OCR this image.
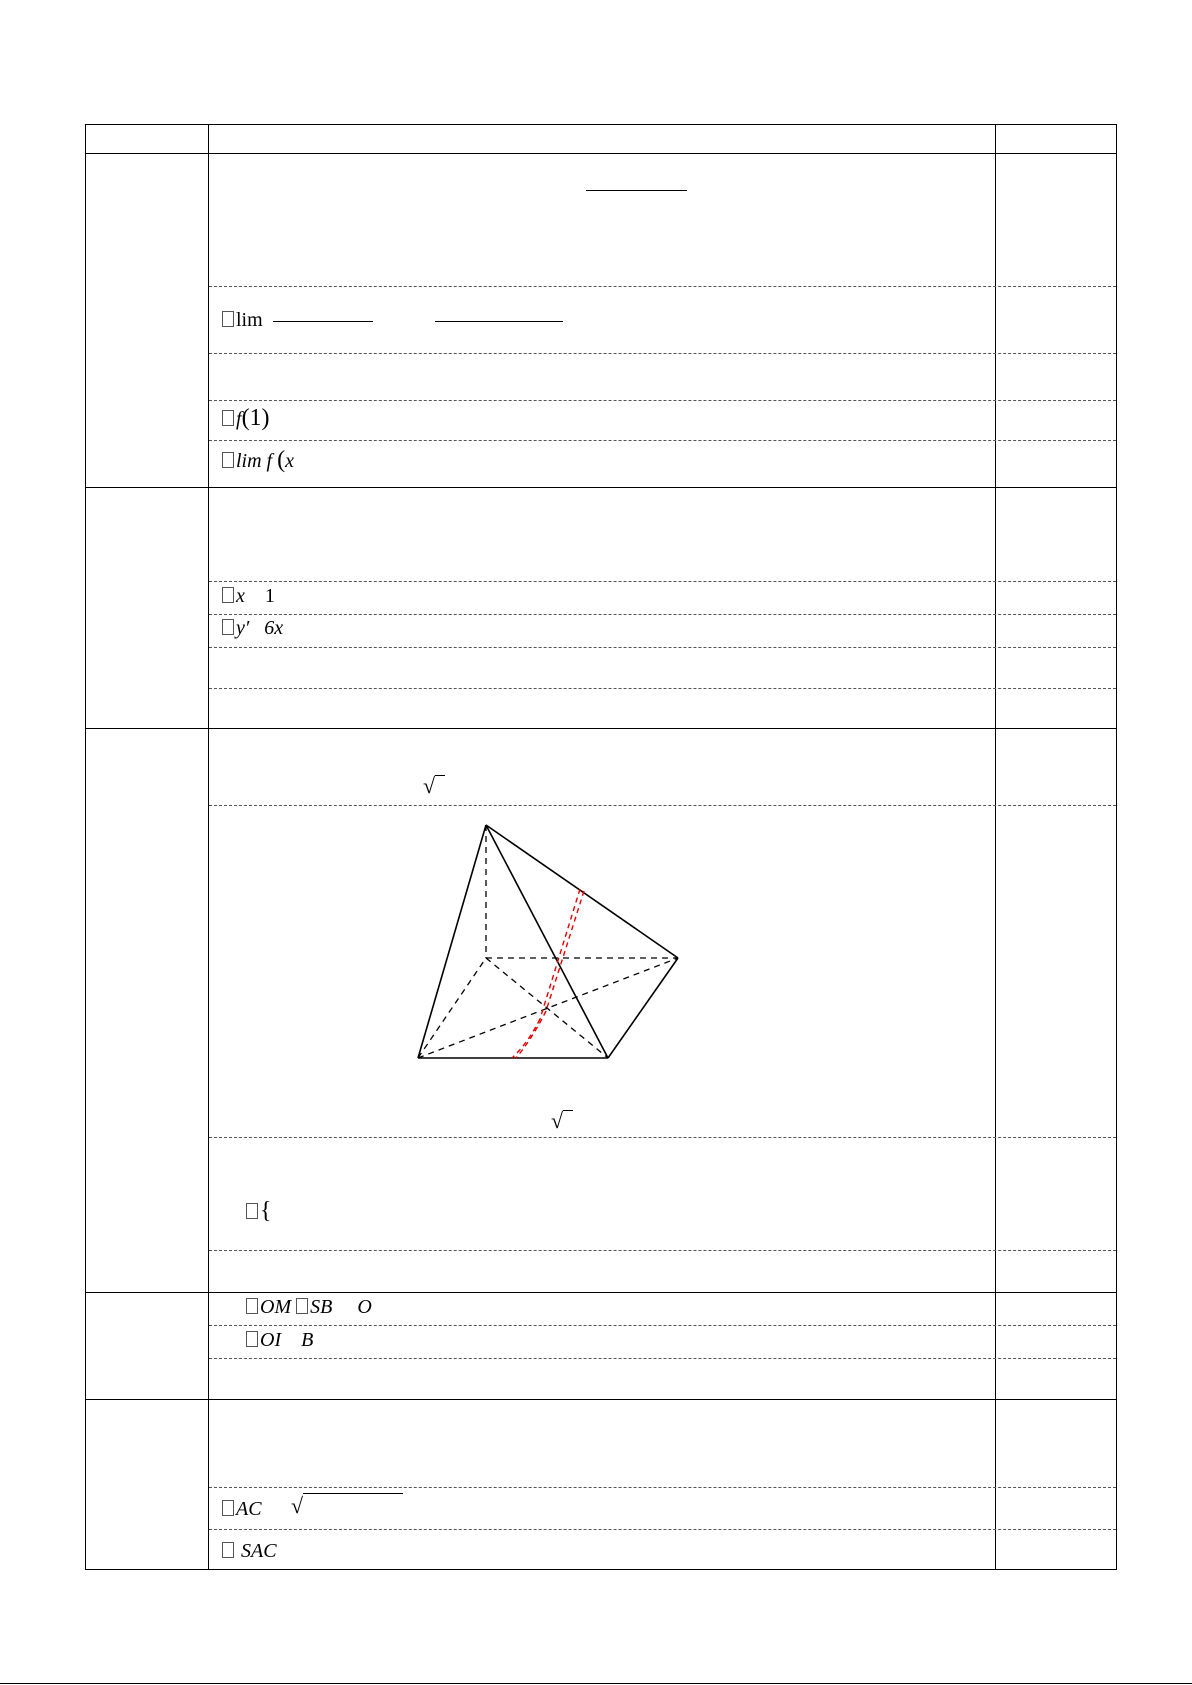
lim
f(1)
lim f (x
x 1
y′ 6x
√
√
{
OM SB O
OI B
AC √
SAC
